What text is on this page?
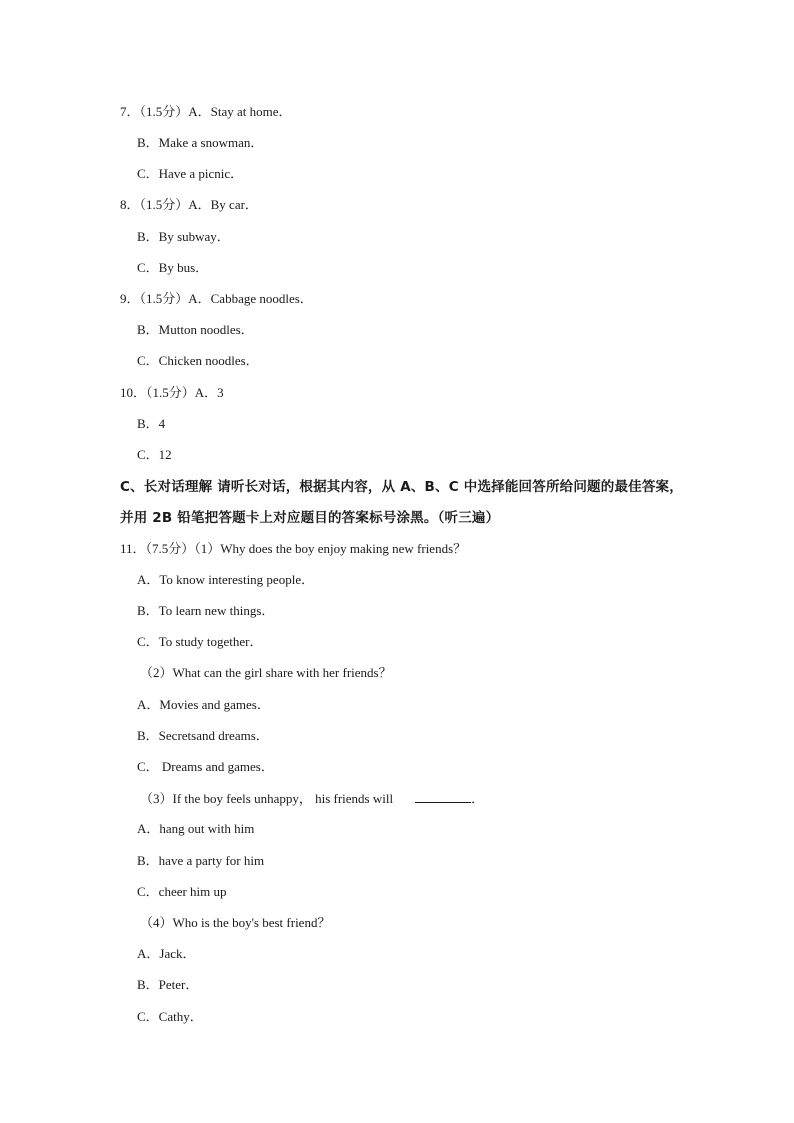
7．（1.5分）A．Stay at home．
B．Make a snowman．
C．Have a picnic．
8．（1.5分）A．By car．
B．By subway．
C．By bus．
9．（1.5分）A．Cabbage noodles．
B．Mutton noodles．
C．Chicken noodles．
10．（1.5分）A．3
B．4
C．12
C、长对话理解 请听长对话，根据其内容，从 A、B、C 中选择能回答所给问题的最佳答案，
并用 2B 铅笔把答题卡上对应题目的答案标号涂黑。（听三遍）
11．（7.5分）（1）Why does the boy enjoy making new friends？
A．To know interesting people．
B．To learn new things．
C．To study together．
（2）What can the girl share with her friends？
A．Movies and games．
B．Secretsand dreams．
C． Dreams and games．
（3）If the boy feels unhappy， his friends will	．
A．hang out with him
B．have a party for him
C．cheer him up
（4）Who is the boy's best friend？
A．Jack．
B．Peter．
C．Cathy．
